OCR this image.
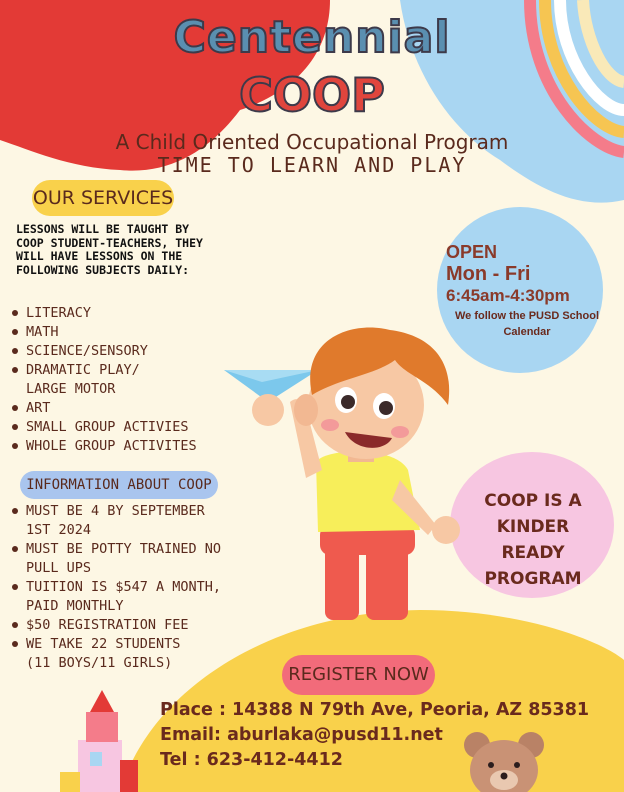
Centennial
COOP
A Child Oriented Occupational Program
TIME TO LEARN AND PLAY
OUR SERVICES
LESSONS WILL BE TAUGHT BY COOP STUDENT-TEACHERS, THEY WILL HAVE LESSONS ON THE FOLLOWING SUBJECTS DAILY:
LITERACY
MATH
SCIENCE/SENSORY
DRAMATIC PLAY/ LARGE MOTOR
ART
SMALL GROUP ACTIVIES
WHOLE GROUP ACTIVITES
INFORMATION ABOUT COOP
MUST BE 4 BY SEPTEMBER 1ST 2024
MUST BE POTTY TRAINED NO PULL UPS
TUITION IS $547 A MONTH, PAID MONTHLY
$50 REGISTRATION FEE
WE TAKE 22 STUDENTS (11 BOYS/11 GIRLS)
OPEN
Mon - Fri
6:45am-4:30pm
We follow the PUSD School Calendar
COOP IS A KINDER READY PROGRAM
REGISTER NOW
Place : 14388 N 79th Ave, Peoria, AZ 85381
Email: aburlaka@pusd11.net
Tel : 623-412-4412
